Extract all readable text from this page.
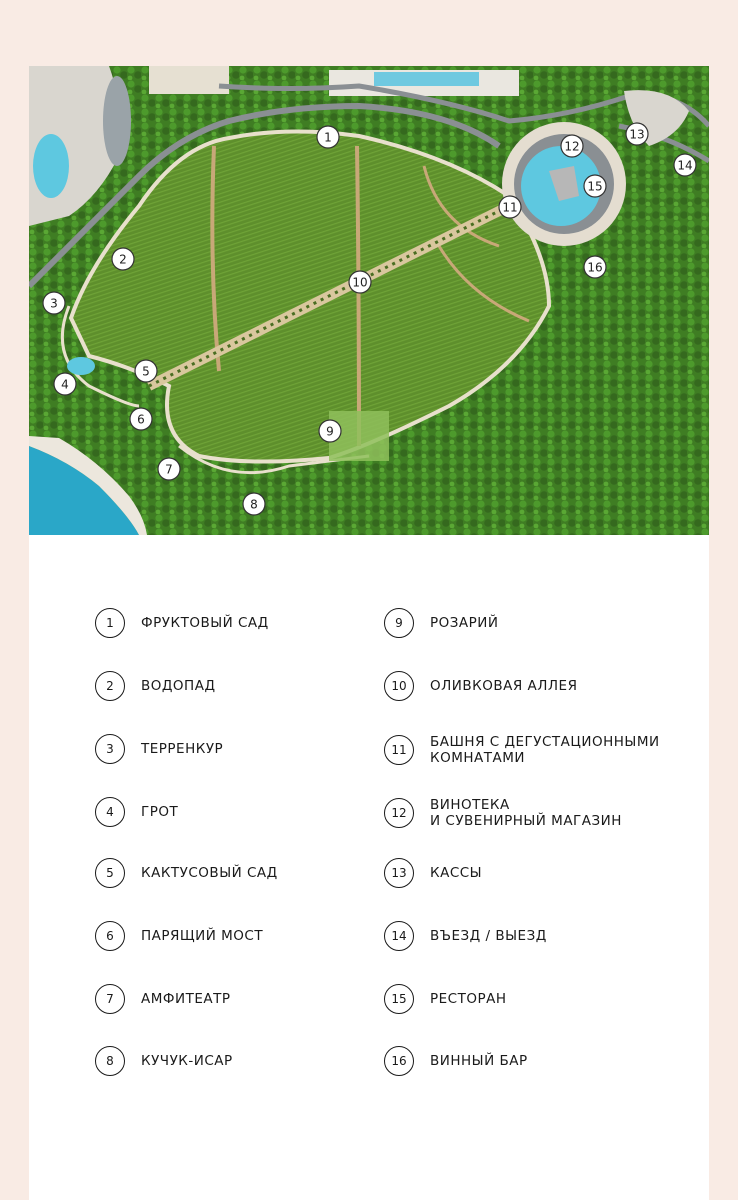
1
2
3
4
5
6
7
8
9
10
11
12
13
14
15
16
1	ФРУКТОВЫЙ САД
2	ВОДОПАД
3	ТЕРРЕНКУР
4	ГРОТ
5	КАКТУСОВЫЙ САД
6	ПАРЯЩИЙ МОСТ
7	АМФИТЕАТР
8	КУЧУК-ИСАР
9	РОЗАРИЙ
10	ОЛИВКОВАЯ АЛЛЕЯ
11	БАШНЯ С ДЕГУСТАЦИОННЫМИ
КОМНАТАМИ
12	ВИНОТЕКА
И СУВЕНИРНЫЙ МАГАЗИН
13	КАССЫ
14	ВЪЕЗД / ВЫЕЗД
15	РЕСТОРАН
16	ВИННЫЙ БАР
